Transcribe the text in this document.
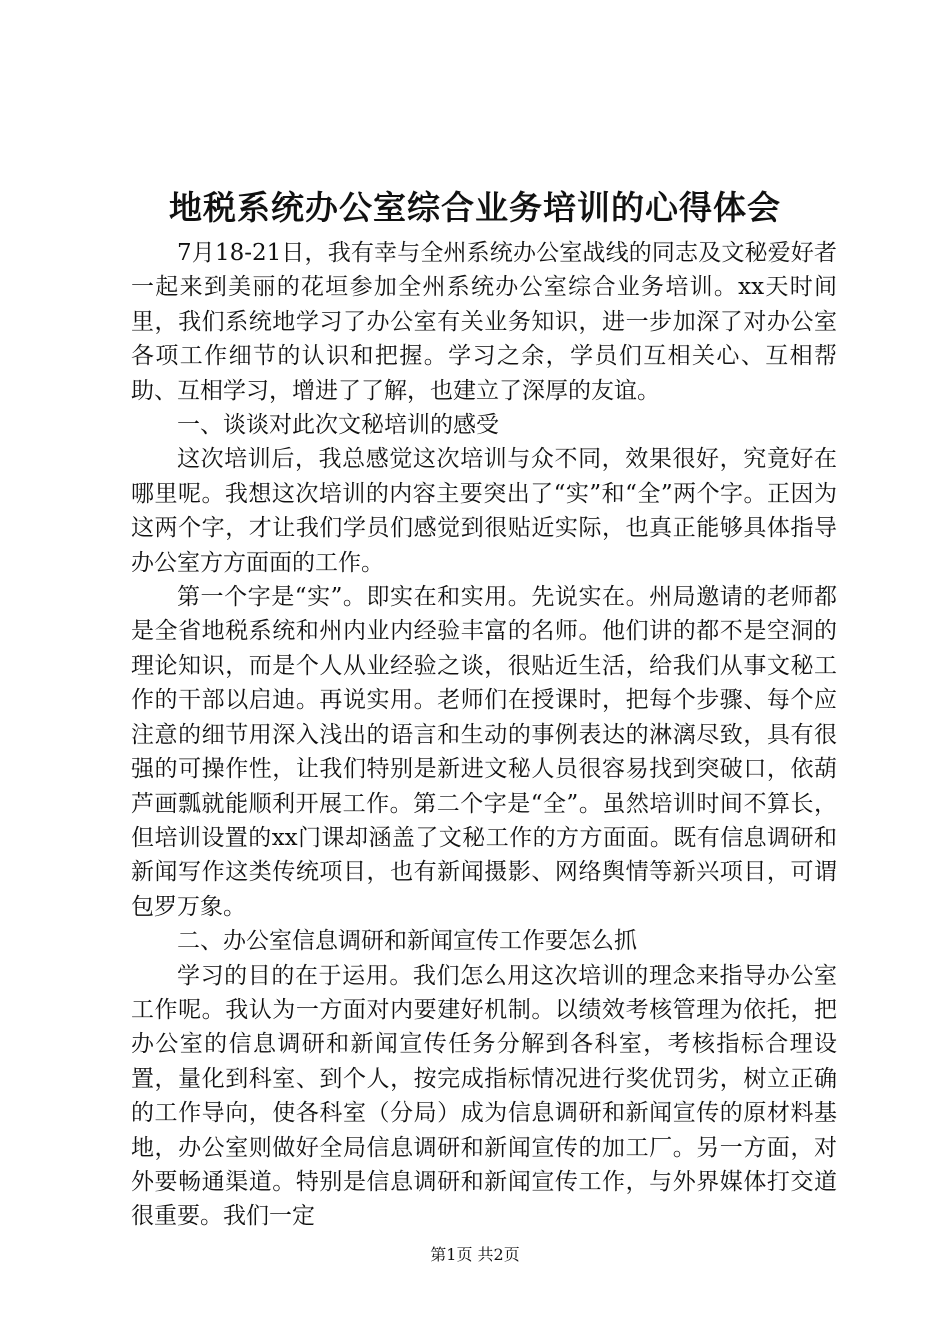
地税系统办公室综合业务培训的心得体会

7月18-21日，我有幸与全州系统办公室战线的同志及文秘爱好者一起来到美丽的花垣参加全州系统办公室综合业务培训。xx天时间里，我们系统地学习了办公室有关业务知识，进一步加深了对办公室各项工作细节的认识和把握。学习之余，学员们互相关心、互相帮助、互相学习，增进了了解，也建立了深厚的友谊。

一、谈谈对此次文秘培训的感受

这次培训后，我总感觉这次培训与众不同，效果很好，究竟好在哪里呢。我想这次培训的内容主要突出了“实”和“全”两个字。正因为这两个字，才让我们学员们感觉到很贴近实际，也真正能够具体指导办公室方方面面的工作。

第一个字是“实”。即实在和实用。先说实在。州局邀请的老师都是全省地税系统和州内业内经验丰富的名师。他们讲的都不是空洞的理论知识，而是个人从业经验之谈，很贴近生活，给我们从事文秘工作的干部以启迪。再说实用。老师们在授课时，把每个步骤、每个应注意的细节用深入浅出的语言和生动的事例表达的淋漓尽致，具有很强的可操作性，让我们特别是新进文秘人员很容易找到突破口，依葫芦画瓢就能顺利开展工作。第二个字是“全”。虽然培训时间不算长，但培训设置的xx门课却涵盖了文秘工作的方方面面。既有信息调研和新闻写作这类传统项目，也有新闻摄影、网络舆情等新兴项目，可谓包罗万象。

二、办公室信息调研和新闻宣传工作要怎么抓

学习的目的在于运用。我们怎么用这次培训的理念来指导办公室工作呢。我认为一方面对内要建好机制。以绩效考核管理为依托，把办公室的信息调研和新闻宣传任务分解到各科室，考核指标合理设置，量化到科室、到个人，按完成指标情况进行奖优罚劣，树立正确的工作导向，使各科室（分局）成为信息调研和新闻宣传的原材料基地，办公室则做好全局信息调研和新闻宣传的加工厂。另一方面，对外要畅通渠道。特别是信息调研和新闻宣传工作，与外界媒体打交道很重要。我们一定

第1页 共2页
